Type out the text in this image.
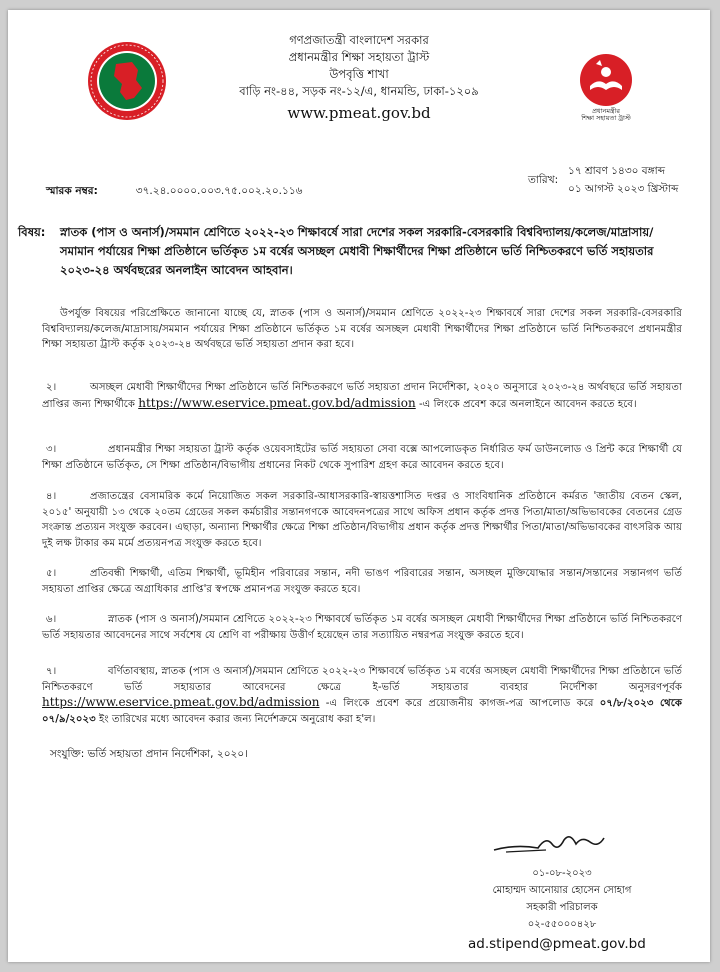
গণপ্রজাতন্ত্রী বাংলাদেশ সরকার
প্রধানমন্ত্রীর শিক্ষা সহায়তা ট্রাস্ট
উপবৃত্তি শাখা
বাড়ি নং-৪৪, সড়ক নং-১২/এ, ধানমন্ডি, ঢাকা-১২০৯
www.pmeat.gov.bd	প্রধানমন্ত্রীর
শিক্ষা সহায়তা ট্রাস্ট
১৭ শ্রাবণ ১৪৩০ বঙ্গাব্দ
তারিখ:
০১ আগস্ট ২০২৩ খ্রিস্টাব্দ
স্মারক নম্বর:	৩৭.২৪.০০০০.০০৩.৭৫.০০২.২০.১১৬
বিষয়: স্নাতক (পাস ও অনার্স)/সমমান শ্রেণিতে ২০২২-২৩ শিক্ষাবর্ষে সারা দেশের সকল সরকারি-বেসরকারি বিশ্ববিদ্যালয়/কলেজ/মাদ্রাসায়/সমামান পর্যায়ের শিক্ষা প্রতিষ্ঠানে ভর্তিকৃত ১ম বর্ষের অসচ্ছল মেধাবী শিক্ষার্থীদের শিক্ষা প্রতিষ্ঠানে ভর্তি নিশ্চিতকরণে ভর্তি সহায়তার ২০২৩-২৪ অর্থবছরের অনলাইন আবেদন আহবান।
উপর্যুক্ত বিষয়ের পরিপ্রেক্ষিতে জানানো যাচ্ছে যে, স্নাতক (পাস ও অনার্স)/সমমান শ্রেণিতে ২০২২-২৩ শিক্ষাবর্ষে সারা দেশের সকল সরকারি-বেসরকারি বিশ্ববিদ্যালয়/কলেজ/মাদ্রাসায়/সমমান পর্যায়ের শিক্ষা প্রতিষ্ঠানে ভর্তিকৃত ১ম বর্ষের অসচ্ছল মেধাবী শিক্ষার্থীদের শিক্ষা প্রতিষ্ঠানে ভর্তি নিশ্চিতকরণে প্রধানমন্ত্রীর শিক্ষা সহায়তা ট্রাস্ট কর্তৃক ২০২৩-২৪ অর্থবছরে ভর্তি সহায়তা প্রদান করা হবে।
২।	অসচ্ছল মেধাবী শিক্ষার্থীদের শিক্ষা প্রতিষ্ঠানে ভর্তি নিশ্চিতকরণে ভর্তি সহায়তা প্রদান নির্দেশিকা, ২০২০ অনুসারে ২০২৩-২৪ অর্থবছরে ভর্তি সহায়তা প্রাপ্তির জন্য শিক্ষার্থীকে https://www.eservice.pmeat.gov.bd/admission -এ লিংকে প্রবেশ করে অনলাইনে আবেদন করতে হবে।
৩।	প্রধানমন্ত্রীর শিক্ষা সহায়তা ট্রাস্ট কর্তৃক ওয়েবসাইটের ভর্তি সহায়তা সেবা বক্সে আপলোডকৃত নির্ধারিত ফর্ম ডাউনলোড ও প্রিন্ট করে শিক্ষার্থী যে শিক্ষা প্রতিষ্ঠানে ভর্তিকৃত, সে শিক্ষা প্রতিষ্ঠান/বিভাগীয় প্রধানের নিকট থেকে সুপারিশ গ্রহণ করে আবেদন করতে হবে।
৪।	প্রজাতন্ত্রের বেসামরিক কর্মে নিয়োজিত সকল সরকারি-আধাসরকারি-স্বায়ত্তশাসিত দপ্তর ও সাংবিধানিক প্রতিষ্ঠানে কর্মরত 'জাতীয় বেতন স্কেল, ২০১৫' অনুযায়ী ১৩ থেকে ২০তম গ্রেডের সকল কর্মচারীর সন্তানগণকে আবেদনপত্রের সাথে অফিস প্রধান কর্তৃক প্রদত্ত পিতা/মাতা/অভিভাবকের বেতনের গ্রেড সংক্রান্ত প্রত্যয়ন সংযুক্ত করবেন। এছাড়া, অন্যান্য শিক্ষার্থীর ক্ষেত্রে শিক্ষা প্রতিষ্ঠান/বিভাগীয় প্রধান কর্তৃক প্রদত্ত শিক্ষার্থীর পিতা/মাতা/অভিভাবকের বাৎসরিক আয় দুই লক্ষ টাকার কম মর্মে প্রত্যয়নপত্র সংযুক্ত করতে হবে।
৫।	প্রতিবন্ধী শিক্ষার্থী, এতিম শিক্ষার্থী, ভূমিহীন পরিবারের সন্তান, নদী ভাঙণ পরিবারের সন্তান, অসচ্ছল মুক্তিযোদ্ধার সন্তান/সন্তানের সন্তানগণ ভর্তি সহায়তা প্রাপ্তির ক্ষেত্রে অগ্রাধিকার প্রাপ্তি'র স্বপক্ষে প্রমানপত্র সংযুক্ত করতে হবে।
৬।	স্নাতক (পাস ও অনার্স)/সমমান শ্রেণিতে ২০২২-২৩ শিক্ষাবর্ষে ভর্তিকৃত ১ম বর্ষের অসচ্ছল মেধাবী শিক্ষার্থীদের শিক্ষা প্রতিষ্ঠানে ভর্তি নিশ্চিতকরণে ভর্তি সহায়তার আবেদনের সাথে সর্বশেষ যে শ্রেণি বা পরীক্ষায় উত্তীর্ণ হয়েছেন তার সত্যায়িত নম্বরপত্র সংযুক্ত করতে হবে।
৭।	বর্ণিতাবস্থায়, স্নাতক (পাস ও অনার্স)/সমমান শ্রেণিতে ২০২২-২৩ শিক্ষাবর্ষে ভর্তিকৃত ১ম বর্ষের অসচ্ছল মেধাবী শিক্ষার্থীদের শিক্ষা প্রতিষ্ঠানে ভর্তি নিশ্চিতকরণে ভর্তি সহায়তার আবেদনের ক্ষেত্রে ই-ভর্তি সহায়তার ব্যবহার নির্দেশিকা অনুসরণপূর্বক https://www.eservice.pmeat.gov.bd/admission -এ লিংকে প্রবেশ করে প্রয়োজনীয় কাগজ-পত্র আপলোড করে ০৭/৮/২০২৩ থেকে ০৭/৯/২০২৩ ইং তারিখের মধ্যে আবেদন করার জন্য নির্দেশক্রমে অনুরোধ করা হ'ল।
সংযুক্তি: ভর্তি সহায়তা প্রদান নির্দেশিকা, ২০২০।
০১-০৮-২০২৩
মোহাম্মদ আনোয়ার হোসেন সোহাগ
সহকারী পরিচালক
০২-৫৫০০০৪২৮
ad.stipend@pmeat.gov.bd
